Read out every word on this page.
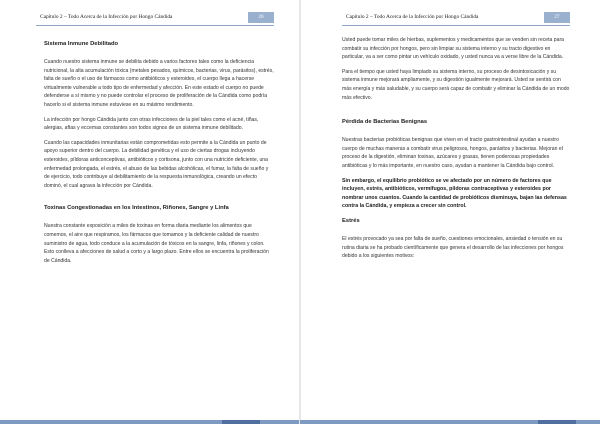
Capítulo 2 – Todo Acerca de la Infección por Hongo Cándida	26
Sistema Inmune Debilitado

Cuando nuestro sistema inmune se debilita debido a varios factores tales como la deficiencia nutricional, la alta acumulación tóxica (metales pesados, químicos, bacterias, virus, parásitos), estrés, falta de sueño o el uso de fármacos como antibióticos y esteroides, el cuerpo llega a hacerse virtualmente vulnerable a todo tipo de enfermedad y afección. En este estado el cuerpo no puede defenderse a sí mismo y no puede controlar el proceso de proliferación de la Cándida como podría hacerlo si el sistema inmune estuviese en su máximo rendimiento.

La infección por hongo Cándida junto con otras infecciones de la piel tales como el acné, tiñas, alergias, aftas y eccemas constantes son todos signos de un sistema inmune debilitado.

Cuando las capacidades inmunitarias están comprometidas esto permite a la Cándida un punto de apoyo superior dentro del cuerpo. La debilidad genética y el uso de ciertas drogas incluyendo esteroides, píldoras anticonceptivas, antibióticos y cortisona, junto con una nutrición deficiente, una enfermedad prolongada, el estrés, el abuso de las bebidas alcohólicas, el fumar, la falta de sueño y de ejercicio, todo contribuye al debilitamiento de la respuesta inmunológica, creando un efecto dominó, el cual agrava la infección por Cándida.

Toxinas Congestionadas en los Intestinos, Riñones, Sangre y Linfa

Nuestra constante exposición a miles de toxinas en forma diaria mediante los alimentos que comemos, el aire que respiramos, los fármacos que tomamos y la deficiente calidad de nuestro suministro de agua, todo conduce a la acumulación de tóxicos en la sangre, linfa, riñones y colon. Esto conlleva a afecciones de salud a corto y a largo plazo. Entre ellos se encuentra la proliferación de Cándida.

Capítulo 2 – Todo Acerca de la Infección por Hongo Cándida	27

Usted puede tomar miles de hierbas, suplementos y medicamentos que se venden sin receta para combatir su infección por hongos, pero sin limpiar su sistema interno y su tracto digestivo en particular, va a ser como pintar un vehículo oxidado, y usted nunca va a verse libre de la Cándida.

Para el tiempo que usted haya limpiado su sistema interno, su proceso de desintoxicación y su sistema inmune mejorará ampliamente, y su digestión igualmente mejorará. Usted se sentirá con más energía y más saludable, y su cuerpo será capaz de combatir y eliminar la Cándida de un modo más efectivo.

Pérdida de Bacterias Benignas

Nuestras bacterias probióticas benignas que viven en el tracto gastrointestinal ayudan a nuestro cuerpo de muchas maneras a combatir virus peligrosos, hongos, parásitos y bacterias. Mejoran el proceso de la digestión, eliminan toxinas, azúcares y grasas, tienen poderosas propiedades antibióticas y lo más importante, en nuestro caso, ayudan a mantener la Cándida bajo control.

Sin embargo, el equilibrio probiótico se ve afectado por un número de factores que incluyen, estrés, antibióticos, vermífugos, píldoras contraceptivas y esteroides por nombrar unos cuantos. Cuando la cantidad de probióticos disminuya, bajan las defensas contra la Cándida, y empieza a crecer sin control.

Estrés

El estrés provocado ya sea por falta de sueño, cuestiones emocionales, ansiedad o tensión en su rutina diaria se ha probado científicamente que genera el desarrollo de las infecciones por hongos debido a los siguientes motivos:
